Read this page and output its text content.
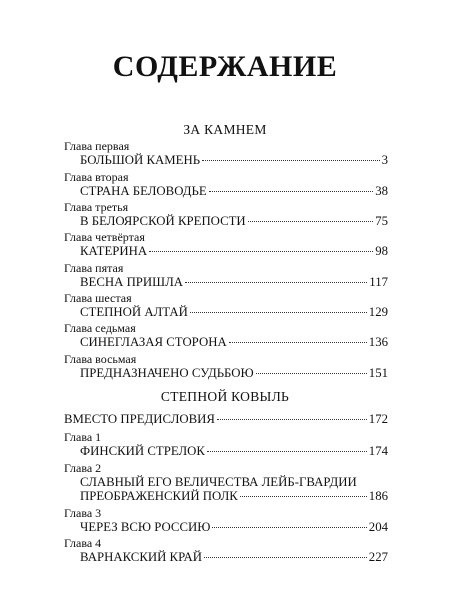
СОДЕРЖАНИЕ
ЗА КАМНЕМ
Глава первая
БОЛЬШОЙ КАМЕНЬ	3
Глава вторая
СТРАНА БЕЛОВОДЬЕ	38
Глава третья
В БЕЛОЯРСКОЙ КРЕПОСТИ	75
Глава четвёртая
КАТЕРИНА	98
Глава пятая
ВЕСНА ПРИШЛА	117
Глава шестая
СТЕПНОЙ АЛТАЙ	129
Глава седьмая
СИНЕГЛАЗАЯ СТОРОНА	136
Глава восьмая
ПРЕДНАЗНАЧЕНО СУДЬБОЮ	151
СТЕПНОЙ КОВЫЛЬ
ВМЕСТО ПРЕДИСЛОВИЯ	172
Глава 1
ФИНСКИЙ СТРЕЛОК	174
Глава 2
СЛАВНЫЙ ЕГО ВЕЛИЧЕСТВА ЛЕЙБ-ГВАРДИИ
ПРЕОБРАЖЕНСКИЙ ПОЛК	186
Глава 3
ЧЕРЕЗ ВСЮ РОССИЮ	204
Глава 4
ВАРНАКСКИЙ КРАЙ	227
